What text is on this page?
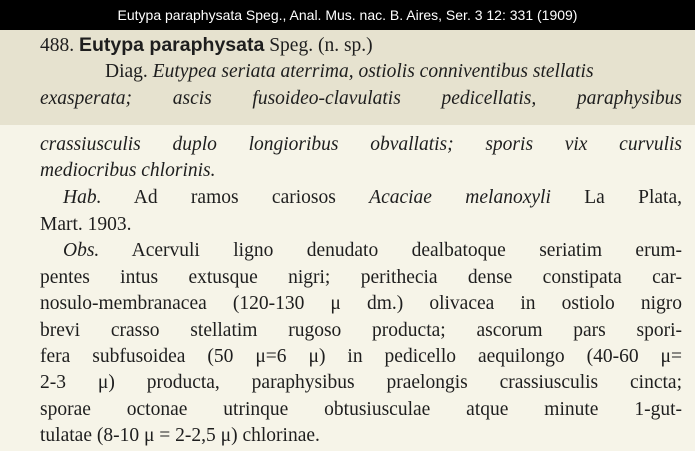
Eutypa paraphysata Speg., Anal. Mus. nac. B. Aires, Ser. 3 12: 331 (1909)
488. Eutypa paraphysata Speg. (n. sp.)
Diag. Eutypea seriata aterrima, ostiolis conniventibus stellatis
exasperata; ascis fusoideo-clavulatis pedicellatis, paraphysibus
crassiusculis duplo longioribus obvallatis; sporis vix curvulis
mediocribus chlorinis.
Hab. Ad ramos cariosos Acaciae melanoxyli La Plata,
Mart. 1903.
Obs. Acervuli ligno denudato dealbatoque seriatim erum-
pentes intus extusque nigri; perithecia dense constipata car-
nosulo-membranacea (120-130 μ dm.) olivacea in ostiolo nigro
brevi crasso stellatim rugoso producta; ascorum pars spori-
fera subfusoidea (50 μ=6 μ) in pedicello aequilongo (40-60 μ=
2-3 μ) producta, paraphysibus praelongis crassiusculis cincta;
sporae octonae utrinque obtusiusculae atque minute 1-gut-
tulatae (8-10 μ = 2-2,5 μ) chlorinae.
